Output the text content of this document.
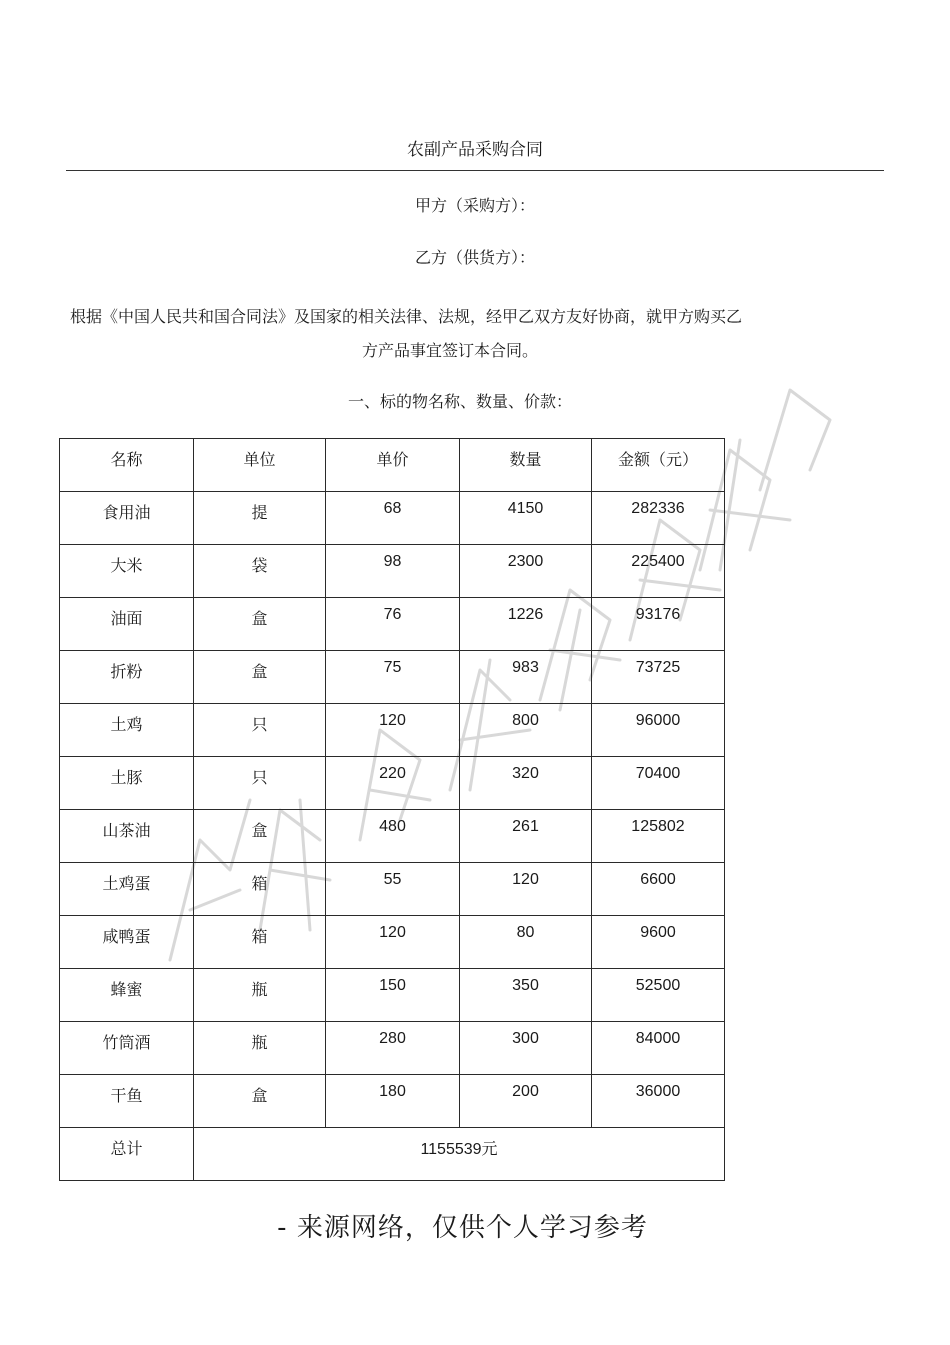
农副产品采购合同
甲方（采购方）：
乙方（供货方）：
根据《中国人民共和国合同法》及国家的相关法律、法规，经甲乙双方友好协商，就甲方购买乙
方产品事宜签订本合同。
一、标的物名称、数量、价款：
名称	单位	单价	数量	金额（元）
食用油	提	68	4150	282336
大米	袋	98	2300	225400
油面	盒	76	1226	93176
折粉	盒	75	983	73725
土鸡	只	120	800	96000
土豚	只	220	320	70400
山茶油	盒	480	261	125802
土鸡蛋	箱	55	120	6600
咸鸭蛋	箱	120	80	9600
蜂蜜	瓶	150	350	52500
竹筒酒	瓶	280	300	84000
干鱼	盒	180	200	36000
总计	1155539元			
- 来源网络，仅供个人学习参考
